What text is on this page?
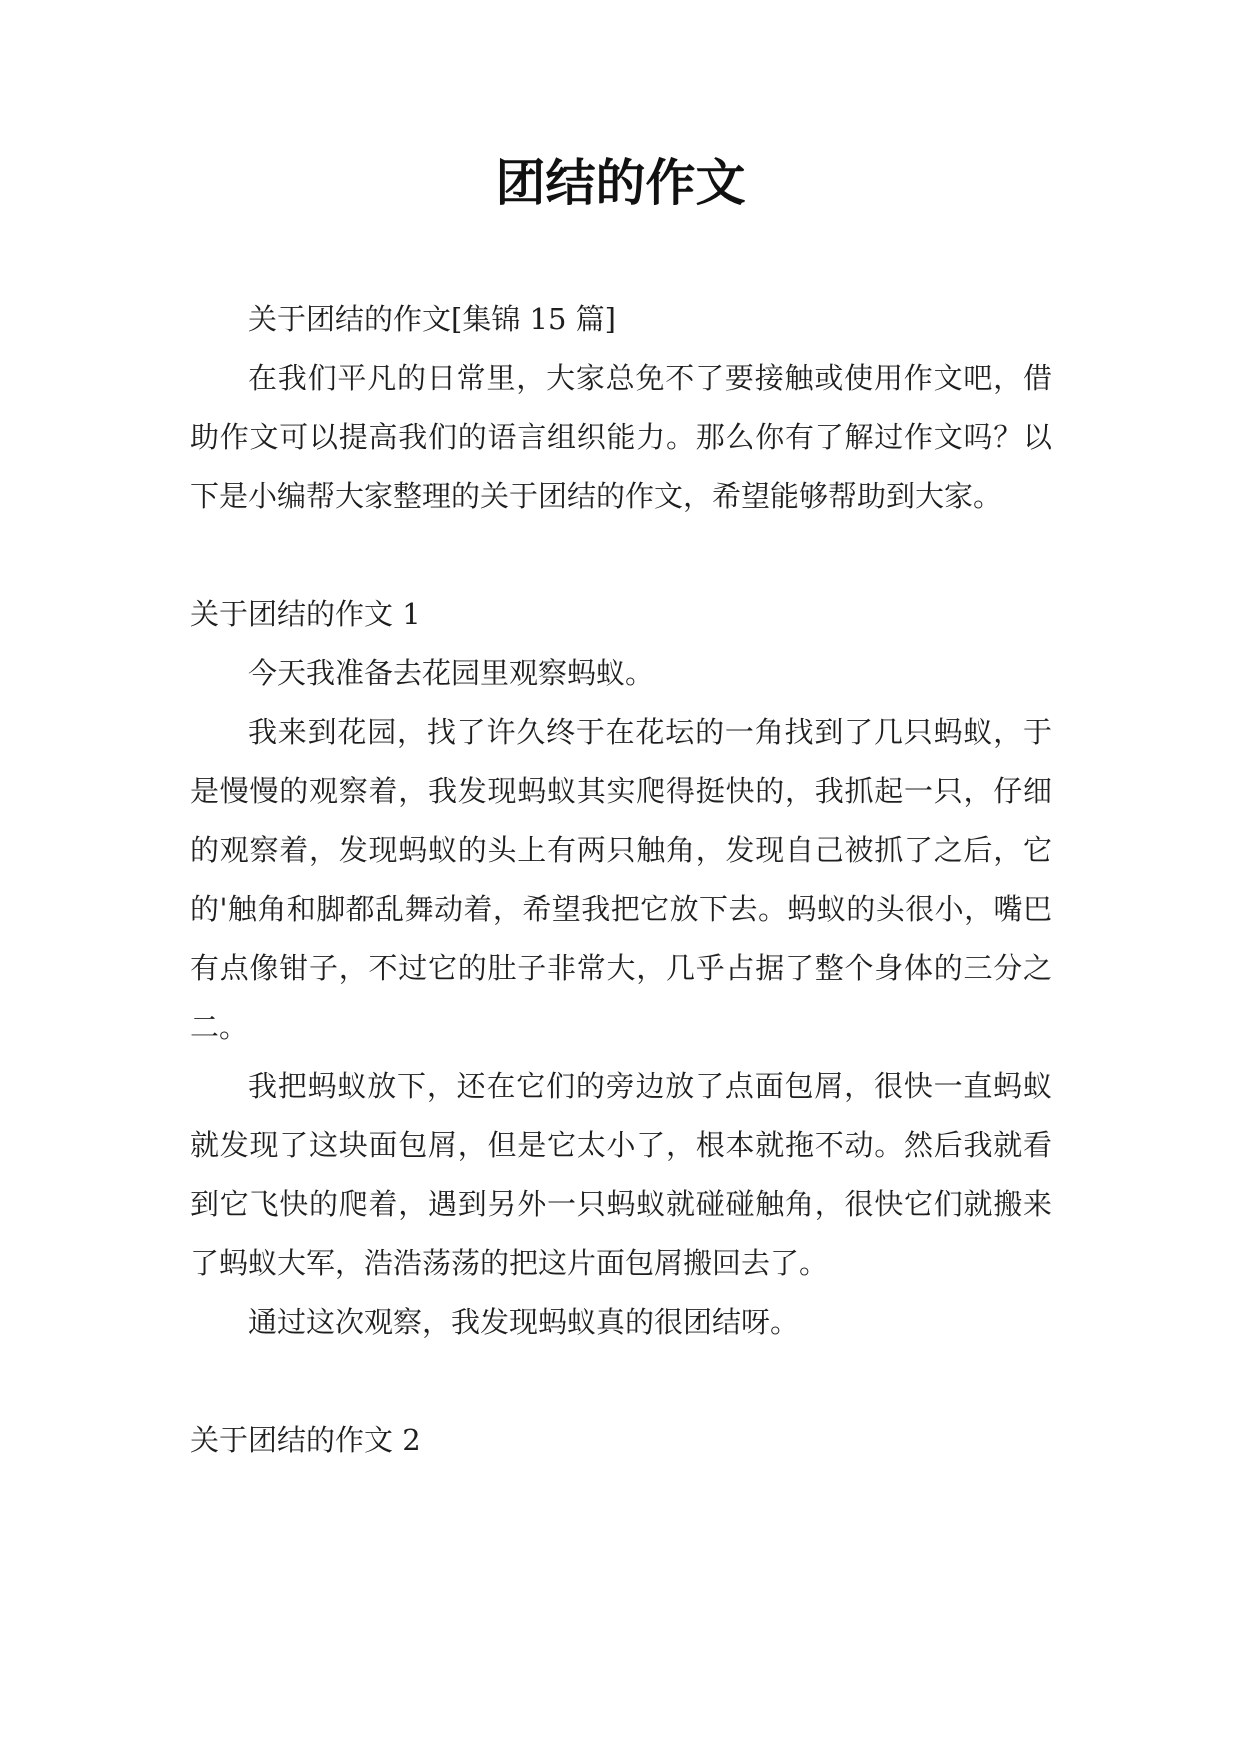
团结的作文

关于团结的作文[集锦 15 篇]

在我们平凡的日常里，大家总免不了要接触或使用作文吧，借助作文可以提高我们的语言组织能力。那么你有了解过作文吗？以下是小编帮大家整理的关于团结的作文，希望能够帮助到大家。

关于团结的作文 1

今天我准备去花园里观察蚂蚁。

我来到花园，找了许久终于在花坛的一角找到了几只蚂蚁，于是慢慢的观察着，我发现蚂蚁其实爬得挺快的，我抓起一只，仔细的观察着，发现蚂蚁的头上有两只触角，发现自己被抓了之后，它的'触角和脚都乱舞动着，希望我把它放下去。蚂蚁的头很小，嘴巴有点像钳子，不过它的肚子非常大，几乎占据了整个身体的三分之二。

我把蚂蚁放下，还在它们的旁边放了点面包屑，很快一直蚂蚁就发现了这块面包屑，但是它太小了，根本就拖不动。然后我就看到它飞快的爬着，遇到另外一只蚂蚁就碰碰触角，很快它们就搬来了蚂蚁大军，浩浩荡荡的把这片面包屑搬回去了。

通过这次观察，我发现蚂蚁真的很团结呀。

关于团结的作文 2
